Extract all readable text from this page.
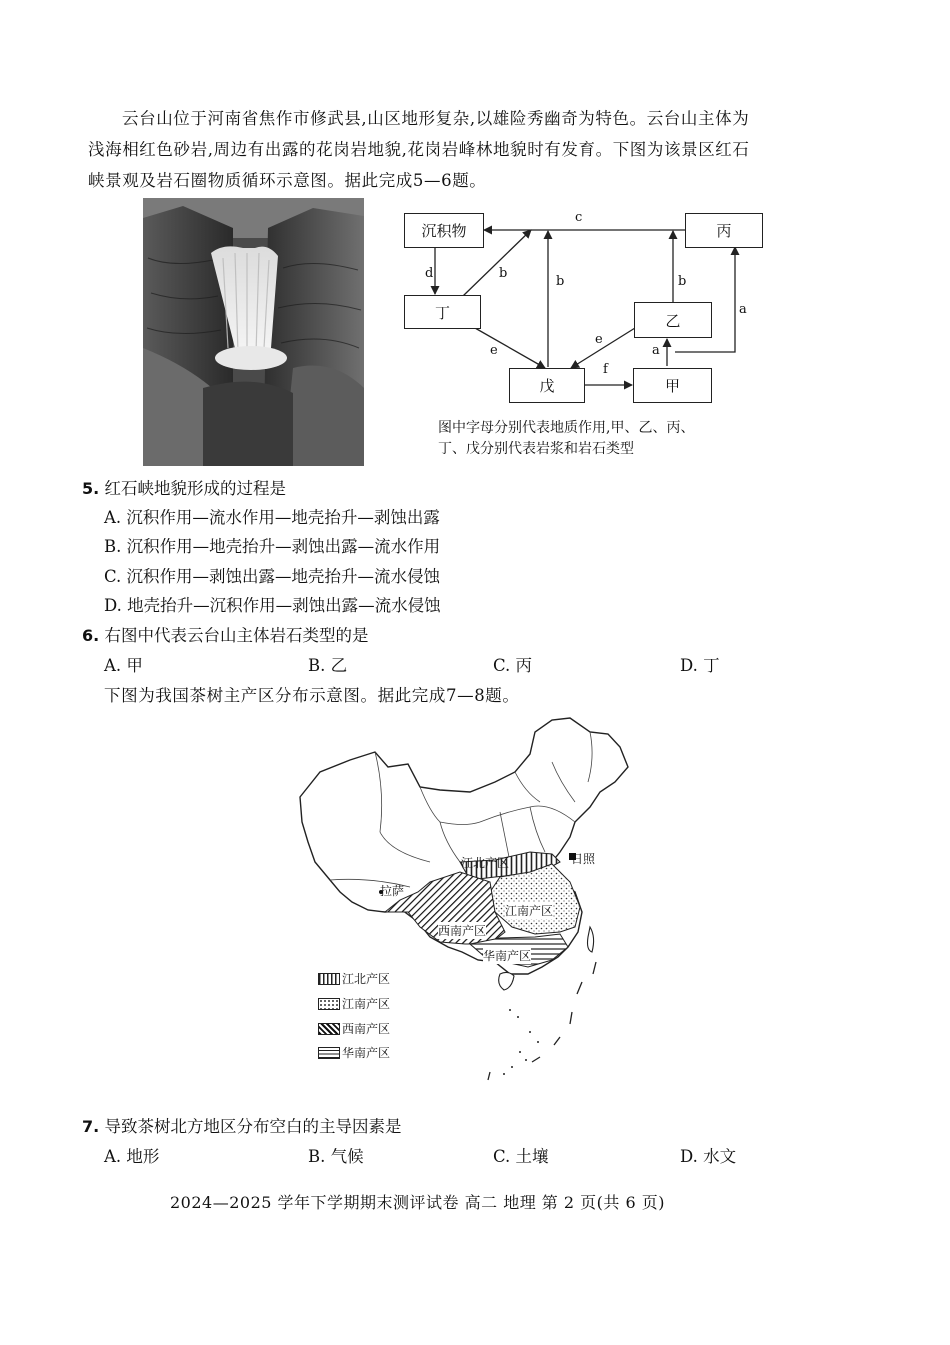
云台山位于河南省焦作市修武县,山区地形复杂,以雄险秀幽奇为特色。云台山主体为
浅海相红色砂岩,周边有出露的花岗岩地貌,花岗岩峰林地貌时有发育。下图为该景区红石
峡景观及岩石圈物质循环示意图。据此完成5—6题。
沉积物	丙
丁	乙
戊	甲
c
d	b
b	b
a
a
e
e
f
图中字母分别代表地质作用,甲、乙、丙、
丁、戊分别代表岩浆和岩石类型
5. 红石峡地貌形成的过程是
A. 沉积作用—流水作用—地壳抬升—剥蚀出露
B. 沉积作用—地壳抬升—剥蚀出露—流水作用
C. 沉积作用—剥蚀出露—地壳抬升—流水侵蚀
D. 地壳抬升—沉积作用—剥蚀出露—流水侵蚀
6. 右图中代表云台山主体岩石类型的是
A. 甲	B. 乙	C. 丙	D. 丁
下图为我国茶树主产区分布示意图。据此完成7—8题。
江北产区	日照
拉萨
江南产区
西南产区
华南产区
江北产区
江南产区
西南产区
华南产区
7. 导致茶树北方地区分布空白的主导因素是
A. 地形	B. 气候	C. 土壤	D. 水文
2024—2025 学年下学期期末测评试卷 高二 地理 第 2 页(共 6 页)
